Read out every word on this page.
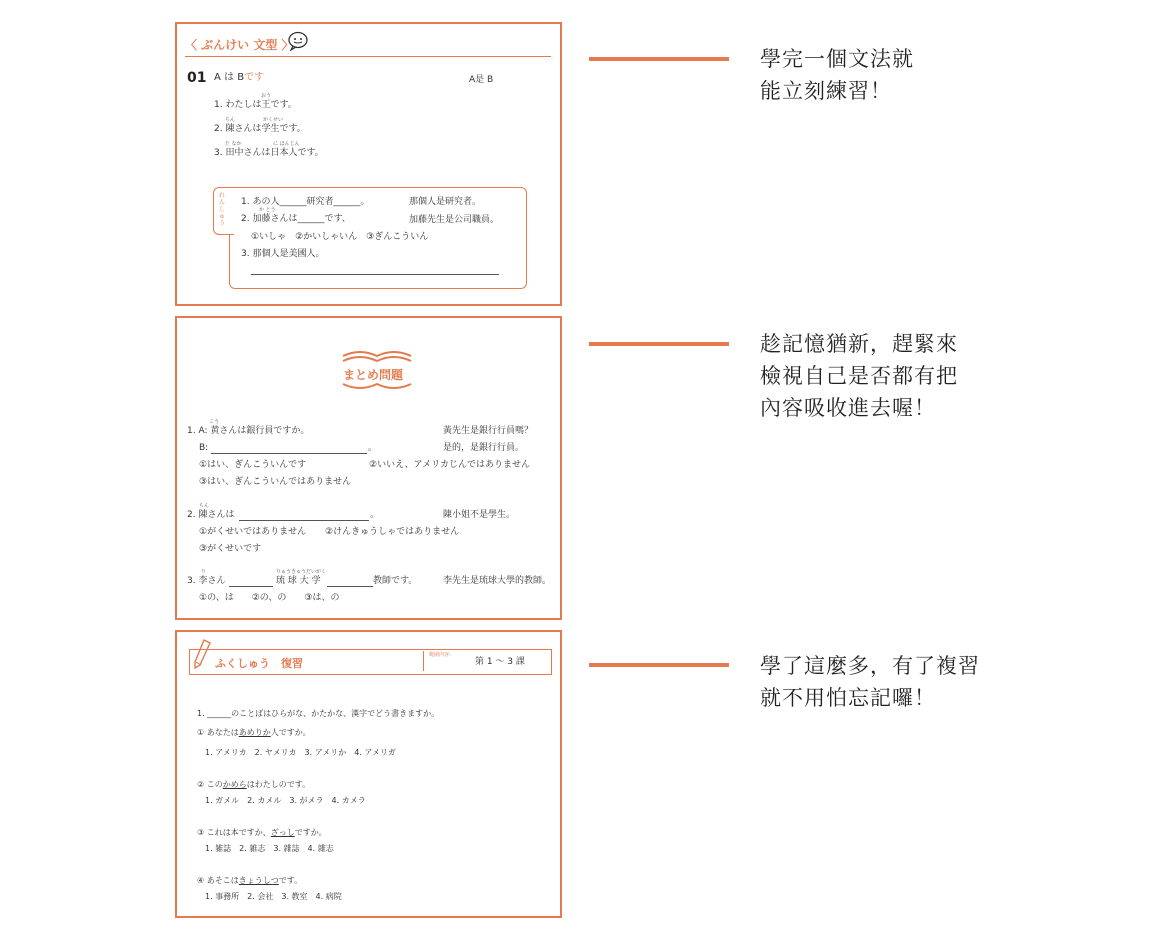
〈 ぶんけい 文型 〉
01 A は Bです	A是 B
おう
1. わたしは王です。
ちん	がくせい
2. 陳さんは学生です。
た なか	に ほんじん
3. 田中さんは日本人です。
れんしゅう
1. あの人______研究者______。	那個人是研究者。
か とう
2. 加藤さんは______です、	加藤先生是公司職員。
①いしゃ　②かいしゃいん　③ぎんこういん
3. 那個人是美國人。
まとめ問題
こう
1. A: 黄さんは銀行員ですか。	黃先生是銀行行員嗎？
B:	。	是的，是銀行行員。
①はい、ぎんこういんです	②いいえ、アメリカじんではありません
③はい、ぎんこういんではありません
ちん
2. 陳さんは	。	陳小姐不是學生。
①がくせいではありません ②けんきゅうしゃではありません
③がくせいです
り	りゅうきゅうだいがく
3. 李さん	琉 球 大 学	教師です。	李先生是琉球大學的教師。
①の、は　　②の、の　　③は、の
ふくしゅう　復習
範圍內容:
第 1 ～ 3 課
1. ______のことばはひらがな、かたかな、漢字でどう書きますか。
① あなたはあめりか人ですか。
1. アメリカ　2. ヤメリカ　3. アメリか　4. アメリガ
② このかめらはわたしのです。
1. ガメル　2. カメル　3. がメラ　4. カメラ
③ これは本ですか、ざっしですか。
1. 雑誌　2. 雑志　3. 雜誌　4. 雜志
④ あそこはきょうしつです。
1. 事務所　2. 会社　3. 教室　4. 病院
學完一個文法就
能立刻練習！
趁記憶猶新，趕緊來
檢視自己是否都有把
內容吸收進去喔！
學了這麼多，有了複習
就不用怕忘記囉！
